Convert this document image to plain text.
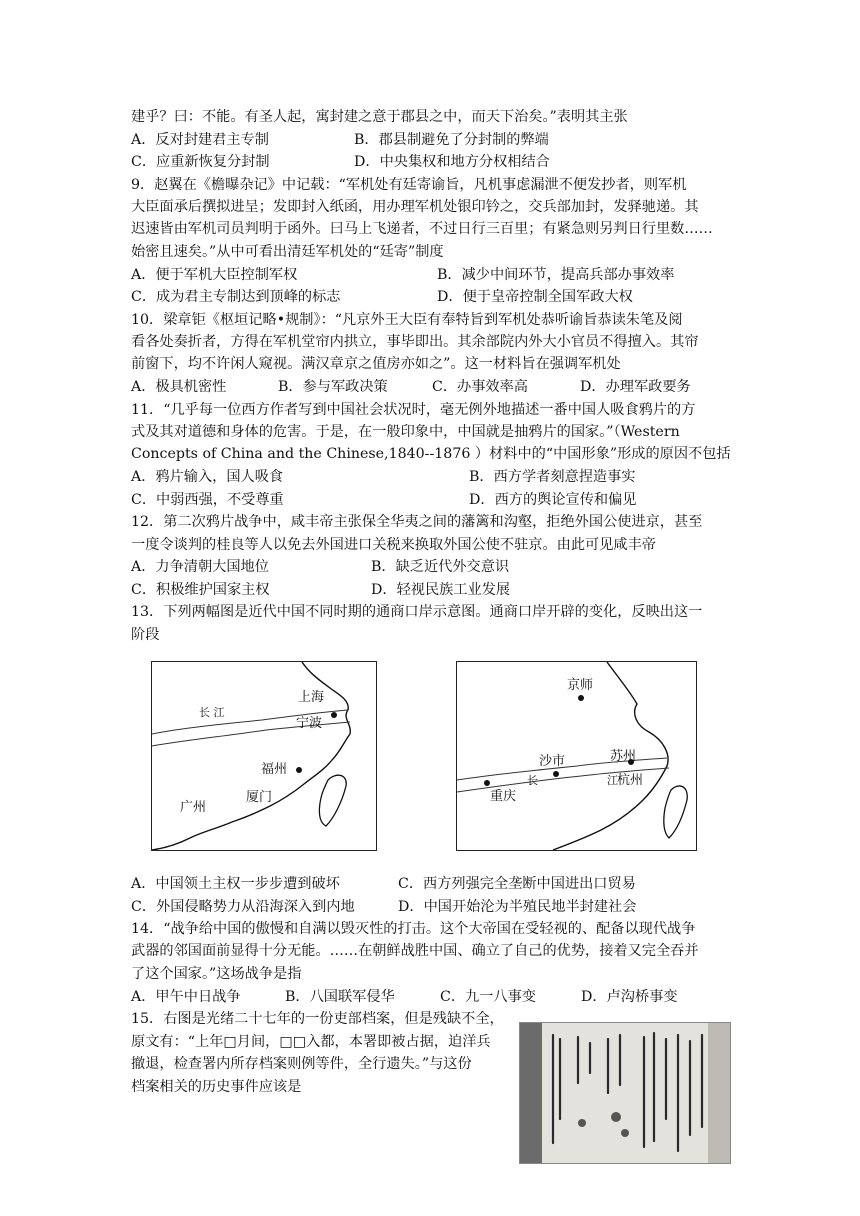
建乎？曰：不能。有圣人起，寓封建之意于郡县之中，而天下治矣。”表明其主张
A．反对封建君主专制	B．郡县制避免了分封制的弊端
C．应重新恢复分封制	D．中央集权和地方分权相结合
9．赵翼在《檐曝杂记》中记载：“军机处有廷寄谕旨，凡机事虑漏泄不便发抄者，则军机
大臣面承后撰拟进呈；发即封入纸函，用办理军机处银印钤之，交兵部加封，发驿驰递。其
迟速皆由军机司员判明于函外。曰马上飞递者，不过日行三百里；有紧急则另判日行里数……
始密且速矣。”从中可看出清廷军机处的“廷寄”制度
A．便于军机大臣控制军权	B．减少中间环节，提高兵部办事效率
C．成为君主专制达到顶峰的标志	D．便于皇帝控制全国军政大权
10．梁章钜《枢垣记略•规制》：“凡京外王大臣有奉特旨到军机处恭听谕旨恭读朱笔及阅
看各处奏折者，方得在军机堂帘内拱立，事毕即出。其余部院内外大小官员不得擅入。其帘
前窗下，均不许闲人窥视。满汉章京之值房亦如之”。这一材料旨在强调军机处
A．极具机密性	B．参与军政决策	C．办事效率高	D．办理军政要务
11．“几乎每一位西方作者写到中国社会状况时，毫无例外地描述一番中国人吸食鸦片的方
式及其对道德和身体的危害。于是，在一般印象中，中国就是抽鸦片的国家。”（Western
Concepts of China and the Chinese,1840--1876 ）材料中的“中国形象”形成的原因不包括
A．鸦片输入，国人吸食	B．西方学者刻意捏造事实
C．中弱西强，不受尊重	D．西方的舆论宣传和偏见
12．第二次鸦片战争中，咸丰帝主张保全华夷之间的藩篱和沟壑，拒绝外国公使进京，甚至
一度令谈判的桂良等人以免去外国进口关税来换取外国公使不驻京。由此可见咸丰帝
A．力争清朝大国地位	B．缺乏近代外交意识
C．积极维护国家主权	D．轻视民族工业发展
13．下列两幅图是近代中国不同时期的通商口岸示意图。通商口岸开辟的变化，反映出这一
阶段
长 江
上海
宁波
福州
厦门
广州
京师
沙市	苏州
杭州
重庆
长	江
A．中国领土主权一步步遭到破坏	C．西方列强完全垄断中国进出口贸易
C．外国侵略势力从沿海深入到内地	D．中国开始沦为半殖民地半封建社会
14．“战争给中国的傲慢和自满以毁灭性的打击。这个大帝国在受轻视的、配备以现代战争
武器的邻国面前显得十分无能。……在朝鲜战胜中国、确立了自己的优势，接着又完全吞并
了这个国家。”这场战争是指
A．甲午中日战争	B．八国联军侵华	C．九一八事变	D．卢沟桥事变
15．右图是光绪二十七年的一份吏部档案，但是残缺不全，
原文有：“上年□月间，□□入都，本署即被占据，迫洋兵
撤退，检查署内所存档案则例等件，全行遗失。”与这份
档案相关的历史事件应该是
